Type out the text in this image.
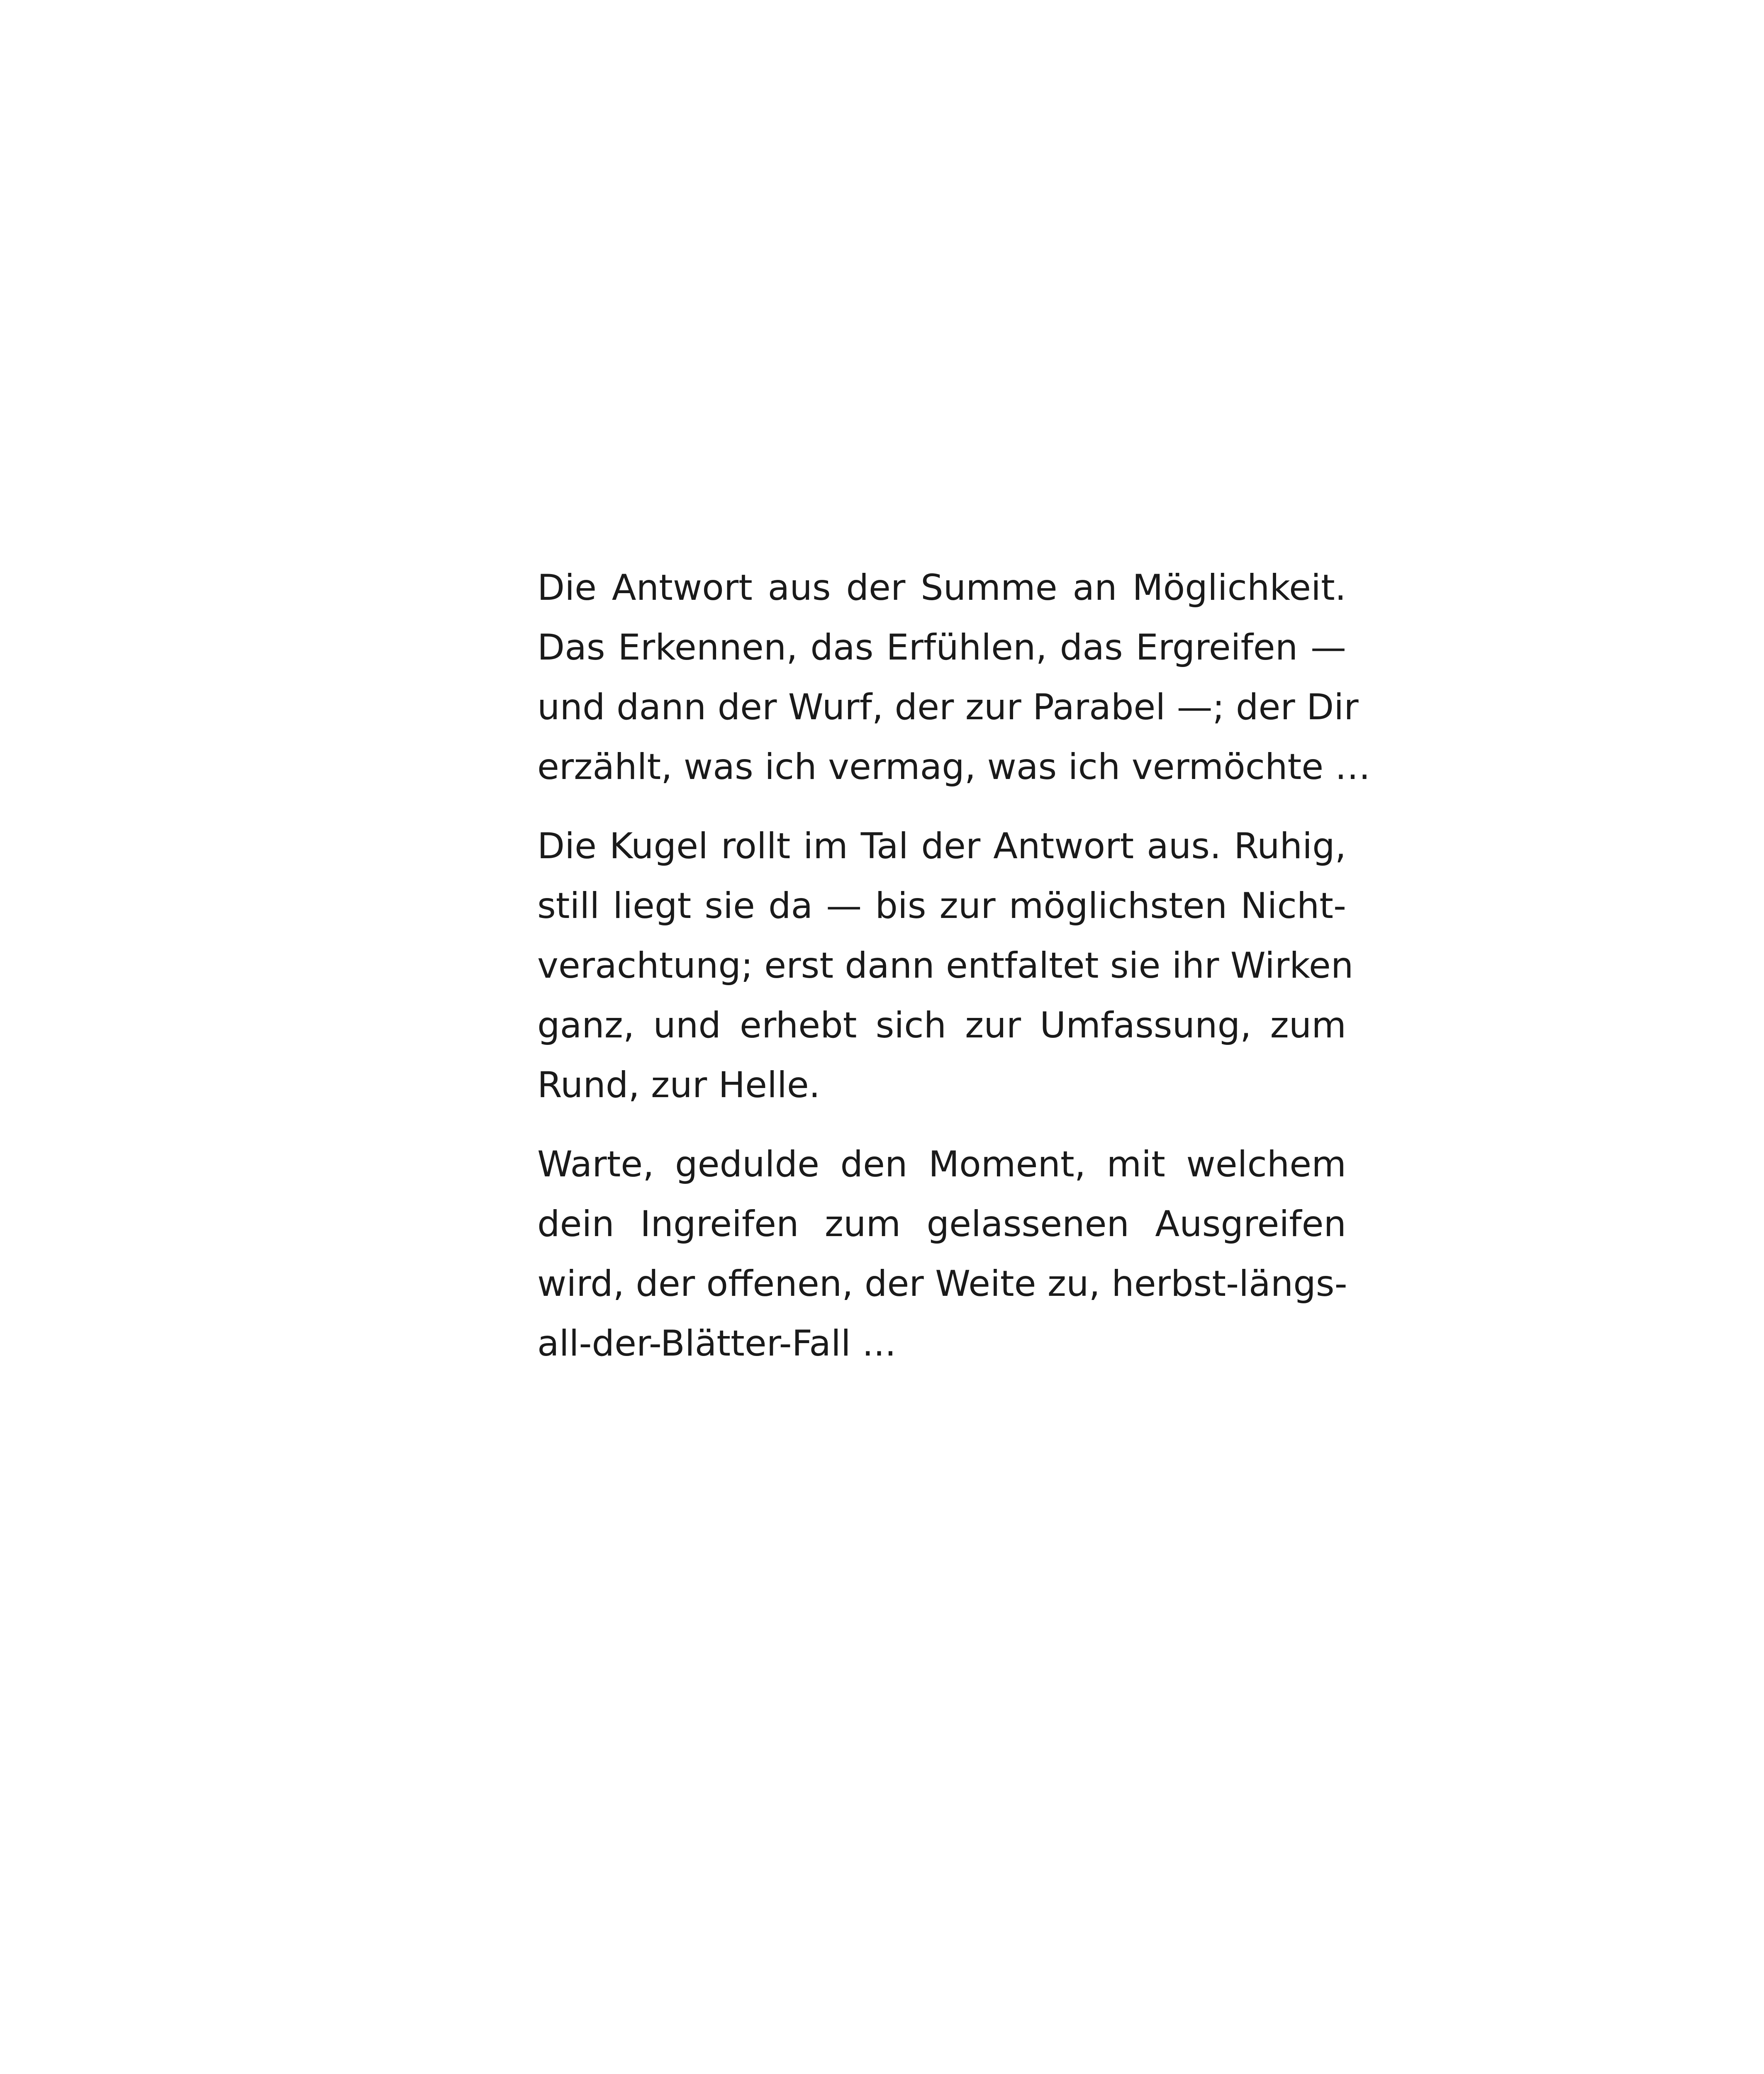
Die Antwort aus der Summe an Möglichkeit.
Das Erkennen, das Erfühlen, das Ergreifen —
und dann der Wurf, der zur Parabel —; der Dir
erzählt, was ich vermag, was ich vermöchte …
Die Kugel rollt im Tal der Antwort aus. Ruhig,
still liegt sie da — bis zur möglichsten Nicht-
verachtung; erst dann entfaltet sie ihr Wirken
ganz, und erhebt sich zur Umfassung, zum
Rund, zur Helle.
Warte, gedulde den Moment, mit welchem
dein Ingreifen zum gelassenen Ausgreifen
wird, der offenen, der Weite zu, herbst-längs-
all-der-Blätter-Fall ...
